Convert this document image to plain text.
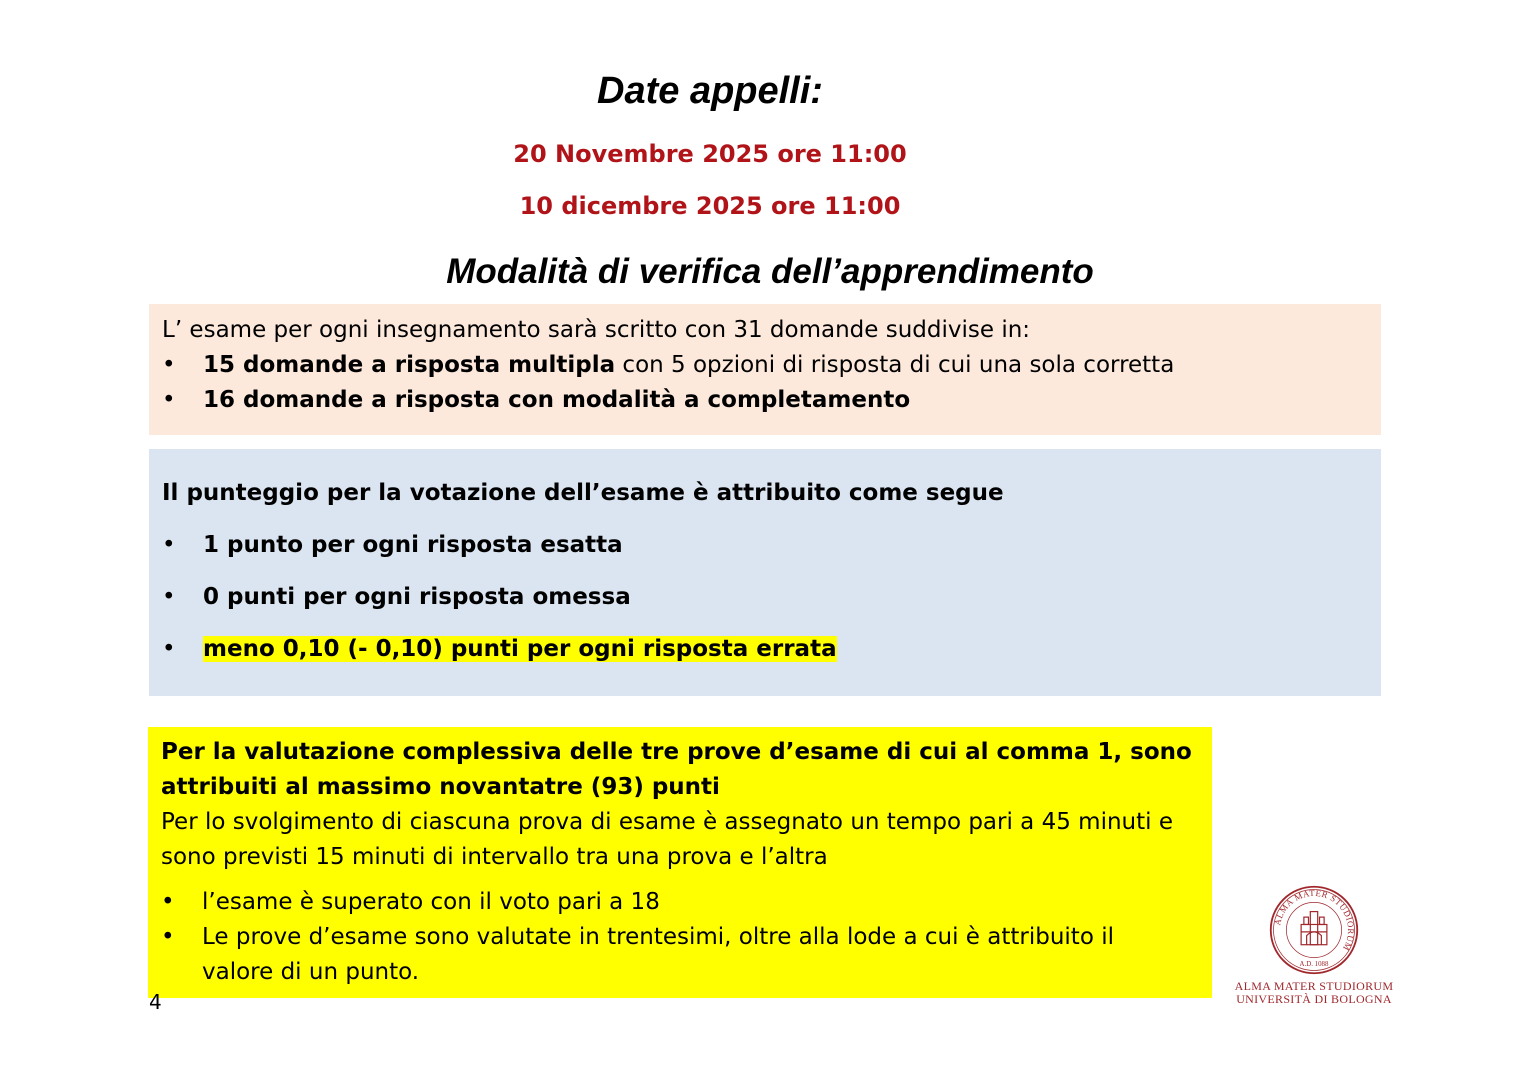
Date appelli:
20 Novembre 2025 ore 11:00
10 dicembre 2025 ore 11:00
Modalità di verifica dell’apprendimento
L’ esame per ogni insegnamento sarà scritto con 31 domande suddivise in:
•	15 domande a risposta multipla con 5 opzioni di risposta di cui una sola corretta
•	16 domande a risposta con modalità a completamento
Il punteggio per la votazione dell’esame è attribuito come segue
•	1 punto per ogni risposta esatta
•	0 punti per ogni risposta omessa
•	meno 0,10 (- 0,10) punti per ogni risposta errata
Per la valutazione complessiva delle tre prove d’esame di cui al comma 1, sono
attribuiti al massimo novantatre (93) punti
Per lo svolgimento di ciascuna prova di esame è assegnato un tempo pari a 45 minuti e
sono previsti 15 minuti di intervallo tra una prova e l’altra
•	l’esame è superato con il voto pari a 18
•	Le prove d’esame sono valutate in trentesimi, oltre alla lode a cui è attribuito il
valore di un punto.
4
ALMA MATER STUDIORUM
A.D. 1088
ALMA MATER STUDIORUM
UNIVERSITÀ DI BOLOGNA
